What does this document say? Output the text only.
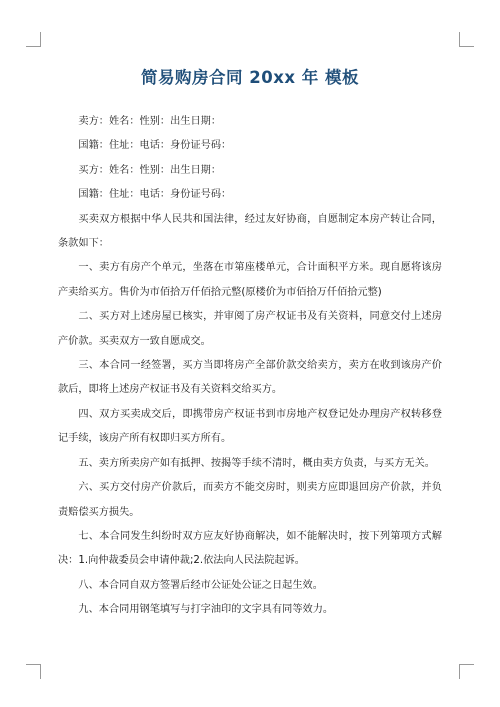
简易购房合同 20xx 年 模板

卖方：姓名：性别：出生日期：

国籍：住址：电话：身份证号码：

买方：姓名：性别：出生日期：

国籍：住址：电话：身份证号码：

买卖双方根据中华人民共和国法律，经过友好协商，自愿制定本房产转让合同，条款如下：

一、卖方有房产个单元，坐落在市第座楼单元，合计面积平方米。现自愿将该房产卖给买方。售价为市佰拾万仟佰拾元整(原楼价为市佰拾万仟佰拾元整)

二、买方对上述房屋已核实，并审阅了房产权证书及有关资料，同意交付上述房产价款。买卖双方一致自愿成交。

三、本合同一经签署，买方当即将房产全部价款交给卖方，卖方在收到该房产价款后，即将上述房产权证书及有关资料交给买方。

四、双方买卖成交后，即携带房产权证书到市房地产权登记处办理房产权转移登记手续，该房产所有权即归买方所有。

五、卖方所卖房产如有抵押、按揭等手续不清时，概由卖方负责，与买方无关。

六、买方交付房产价款后，而卖方不能交房时，则卖方应即退回房产价款，并负责赔偿买方损失。

七、本合同发生纠纷时双方应友好协商解决，如不能解决时，按下列第项方式解决：1.向仲裁委员会申请仲裁;2.依法向人民法院起诉。

八、本合同自双方签署后经市公证处公证之日起生效。

九、本合同用钢笔填写与打字油印的文字具有同等效力。
